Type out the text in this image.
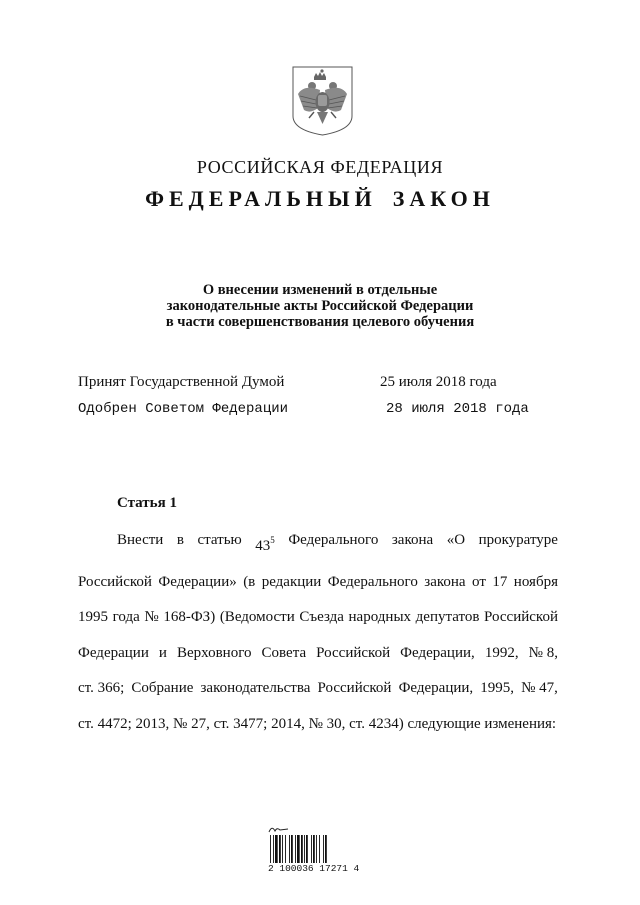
РОССИЙСКАЯ ФЕДЕРАЦИЯ
ФЕДЕРАЛЬНЫЙ ЗАКОН
О внесении изменений в отдельные
законодательные акты Российской Федерации
в части совершенствования целевого обучения
Принят Государственной Думой	25 июля 2018 года
Одобрен Советом Федерации	28 июля 2018 года
Статья 1
Внести в статью $43^5$ Федерального закона «О прокуратуре
Российской Федерации» (в редакции Федерального закона от 17 ноября
1995 года № 168-ФЗ) (Ведомости Съезда народных депутатов Российской
Федерации и Верховного Совета Российской Федерации, 1992, № 8,
ст. 366; Собрание законодательства Российской Федерации, 1995, № 47,
ст. 4472; 2013, № 27, ст. 3477; 2014, № 30, ст. 4234) следующие изменения:
2 100036 17271 4
